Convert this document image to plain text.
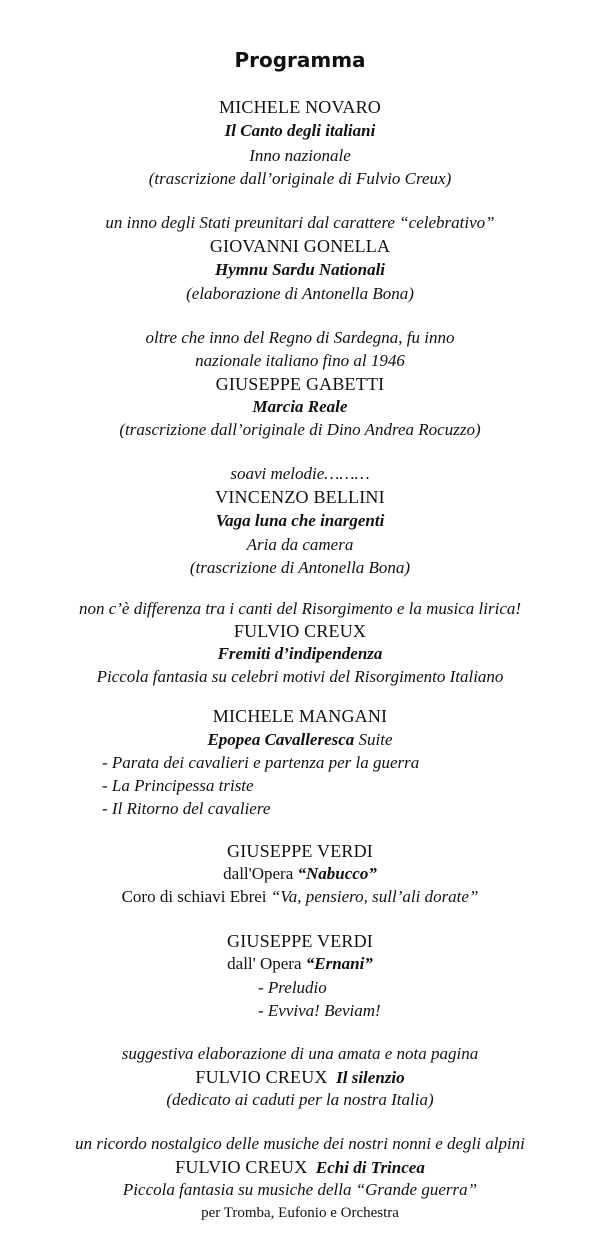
Programma
MICHELE NOVARO
Il Canto degli italiani
Inno nazionale
(trascrizione dall’originale di Fulvio Creux)
un inno degli Stati preunitari dal carattere “celebrativo”
GIOVANNI GONELLA
Hymnu Sardu Nationali
(elaborazione di Antonella Bona)
oltre che inno del Regno di Sardegna, fu inno
nazionale italiano fino al 1946
GIUSEPPE GABETTI
Marcia Reale
(trascrizione dall’originale di Dino Andrea Rocuzzo)
soavi melodie………
VINCENZO BELLINI
Vaga luna che inargenti
Aria da camera
(trascrizione di Antonella Bona)
non c’è differenza tra i canti del Risorgimento e la musica lirica!
FULVIO CREUX
Fremiti d’indipendenza
Piccola fantasia su celebri motivi del Risorgimento Italiano
MICHELE MANGANI
Epopea Cavalleresca Suite
- Parata dei cavalieri e partenza per la guerra
- La Principessa triste
- Il Ritorno del cavaliere
GIUSEPPE VERDI
dall'Opera “Nabucco”
Coro di schiavi Ebrei “Va, pensiero, sull’ali dorate”
GIUSEPPE VERDI
dall' Opera “Ernani”
- Preludio
- Evviva! Beviam!
suggestiva elaborazione di una amata e nota pagina
FULVIO CREUX Il silenzio
(dedicato ai caduti per la nostra Italia)
un ricordo nostalgico delle musiche dei nostri nonni e degli alpini
FULVIO CREUX Echi di Trincea
Piccola fantasia su musiche della “Grande guerra”
per Tromba, Eufonio e Orchestra
